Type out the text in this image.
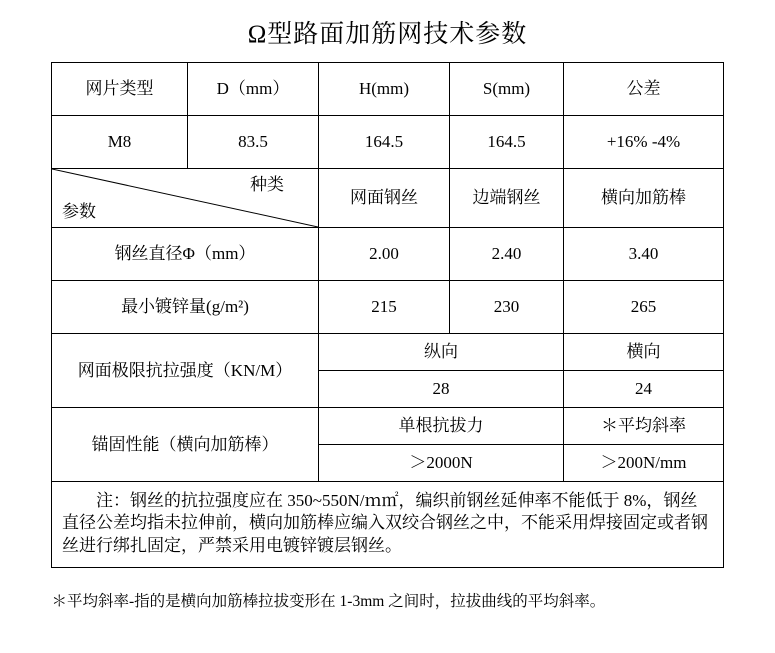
Ω型路面加筋网技术参数
网片类型	D（mm）	H(mm)	S(mm)	公差
M8	83.5	164.5	164.5	+16% -4%

种类
参数		网面钢丝	边端钢丝	横向加筋棒
钢丝直径Φ（mm）		2.00	2.40	3.40
最小镀锌量(g/m²)		215	230	265
网面极限抗拉强度（KN/M）		纵向		横向
		28		24
锚固性能（横向加筋棒）		单根抗拔力		＊平均斜率
		＞2000N		＞200N/mm

注：钢丝的抗拉强度应在 350~550N/ｍ㎡，编织前钢丝延伸率不能低于 8%，钢丝直径公差均指未拉伸前，横向加筋棒应编入双绞合钢丝之中，不能采用焊接固定或者钢丝进行绑扎固定，严禁采用电镀锌镀层钢丝。				

＊平均斜率-指的是横向加筋棒拉拔变形在 1-3mm 之间时，拉拔曲线的平均斜率。
